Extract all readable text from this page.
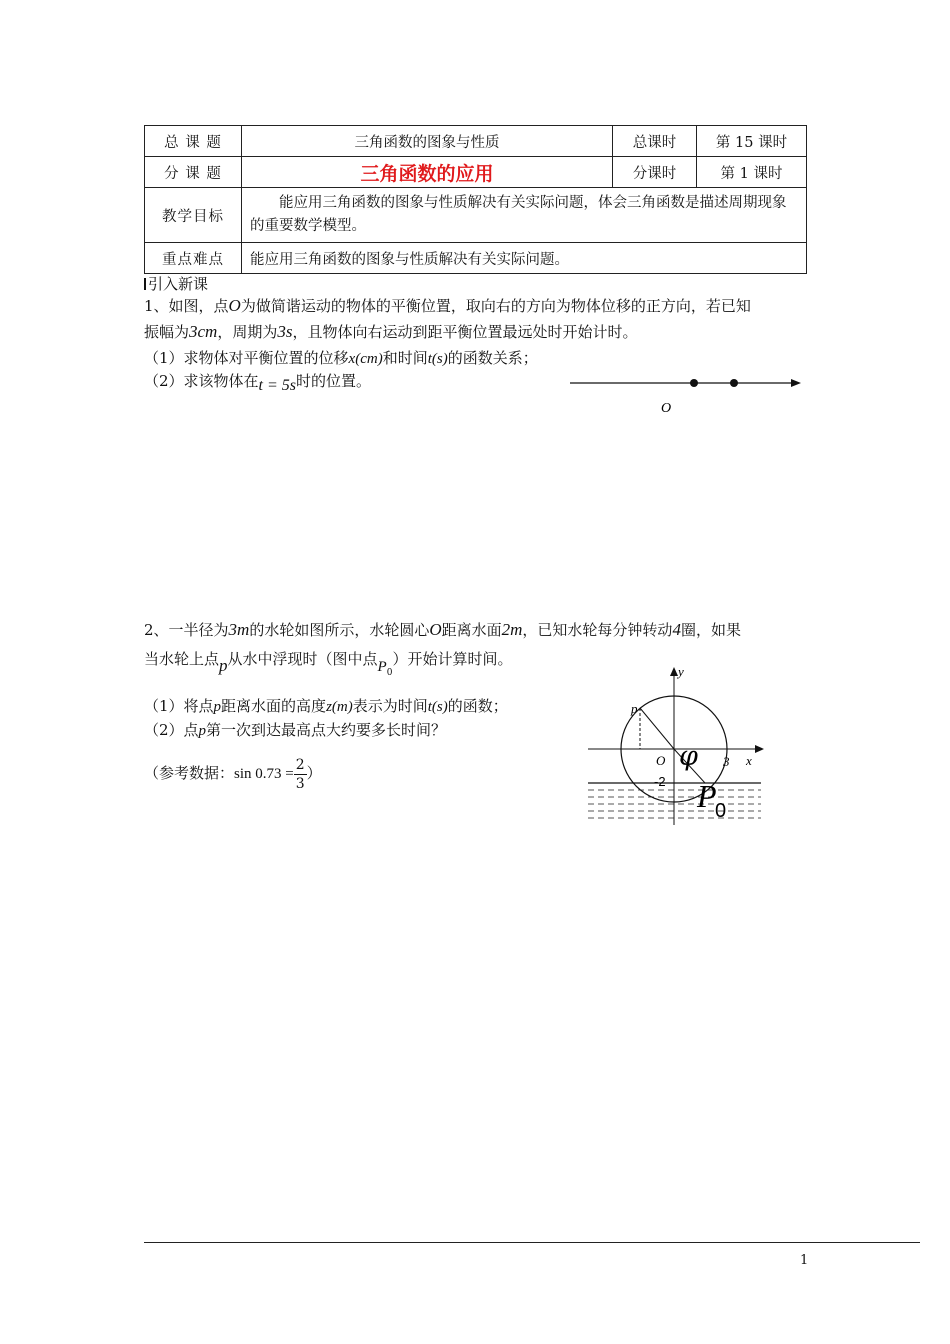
总 课 题	三角函数的图象与性质	总课时	第 15 课时
分 课 题	三角函数的应用	分课时	第 1 课时
教学目标	能应用三角函数的图象与性质解决有关实际问题，体会三角函数是描述周期现象的重要数学模型。		
重点难点	能应用三角函数的图象与性质解决有关实际问题。		
引入新课
1、如图，点O为做简谐运动的物体的平衡位置，取向右的方向为物体位移的正方向，若已知
振幅为3cm，周期为3s，且物体向右运动到距平衡位置最远处时开始计时。
（1）求物体对平衡位置的位移x(cm)和时间t(s)的函数关系；
（2）求该物体在t = 5s时的位置。
O
2、一半径为3m的水轮如图所示，水轮圆心O距离水面2m，已知水轮每分钟转动4圈，如果
当水轮上点p从水中浮现时（图中点$P_0$）开始计算时间。
（1）将点p距离水面的高度z(m)表示为时间t(s)的函数；
（2）点p第一次到达最高点大约要多长时间？
（参考数据：$\sin 0.73 = \frac{2}{3}$ ）
y
x
p
O	3
-2
φ
P
0
1
